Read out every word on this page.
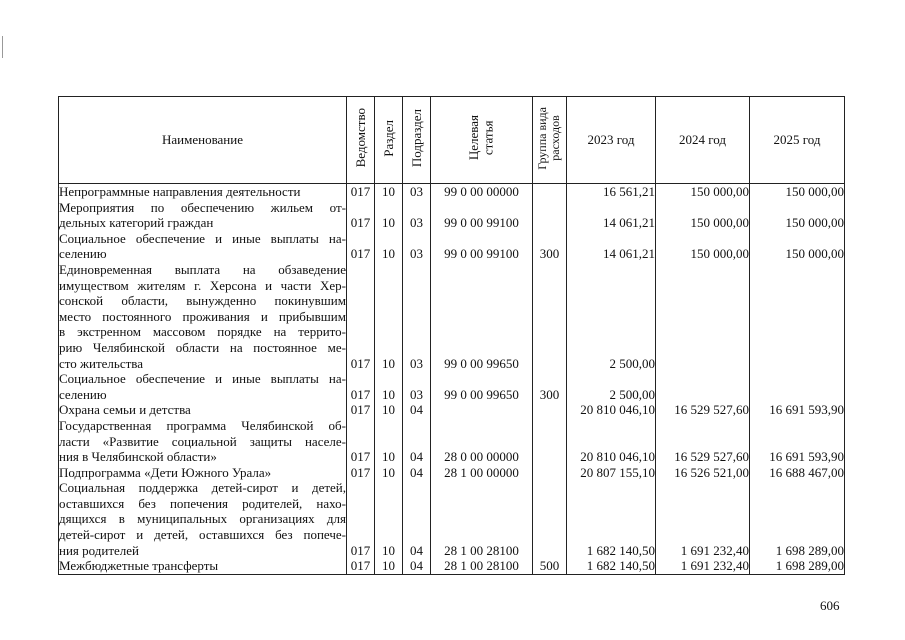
Наименование	Ведомство	Раздел	Подраздел	Целевая
статья	Группа вида
расходов	2023 год	2024 год	2025 год
Непрограммные направления деятельности	017	10	03	99 0 00 00000		16 561,21	150 000,00	150 000,00
Мероприятия по обеспечению жильем от-	017	10	03	99 0 00 99100		14 061,21	150 000,00	150 000,00
дельных категорий граждан								
Социальное обеспечение и иные выплаты на-	017	10	03	99 0 00 99100	300	14 061,21	150 000,00	150 000,00
селению								
Единовременная выплата на обзаведение	017	10	03	99 0 00 99650		2 500,00		
имуществом жителям г. Херсона и части Хер-								
сонской области, вынужденно покинувшим								
место постоянного проживания и прибывшим								
в экстренном массовом порядке на террито-								
рию Челябинской области на постоянное ме-								
сто жительства								
Социальное обеспечение и иные выплаты на-	017	10	03	99 0 00 99650	300	2 500,00		
селению								
Охрана семьи и детства	017	10	04			20 810 046,10	16 529 527,60	16 691 593,90
Государственная программа Челябинской об-	017	10	04	28 0 00 00000		20 810 046,10	16 529 527,60	16 691 593,90
ласти «Развитие социальной защиты населе-								
ния в Челябинской области»								
Подпрограмма «Дети Южного Урала»	017	10	04	28 1 00 00000		20 807 155,10	16 526 521,00	16 688 467,00
Социальная поддержка детей-сирот и детей,	017	10	04	28 1 00 28100		1 682 140,50	1 691 232,40	1 698 289,00
оставшихся без попечения родителей, нахо-								
дящихся в муниципальных организациях для								
детей-сирот и детей, оставшихся без попече-								
ния родителей								
Межбюджетные трансферты	017	10	04	28 1 00 28100	500	1 682 140,50	1 691 232,40	1 698 289,00
606
